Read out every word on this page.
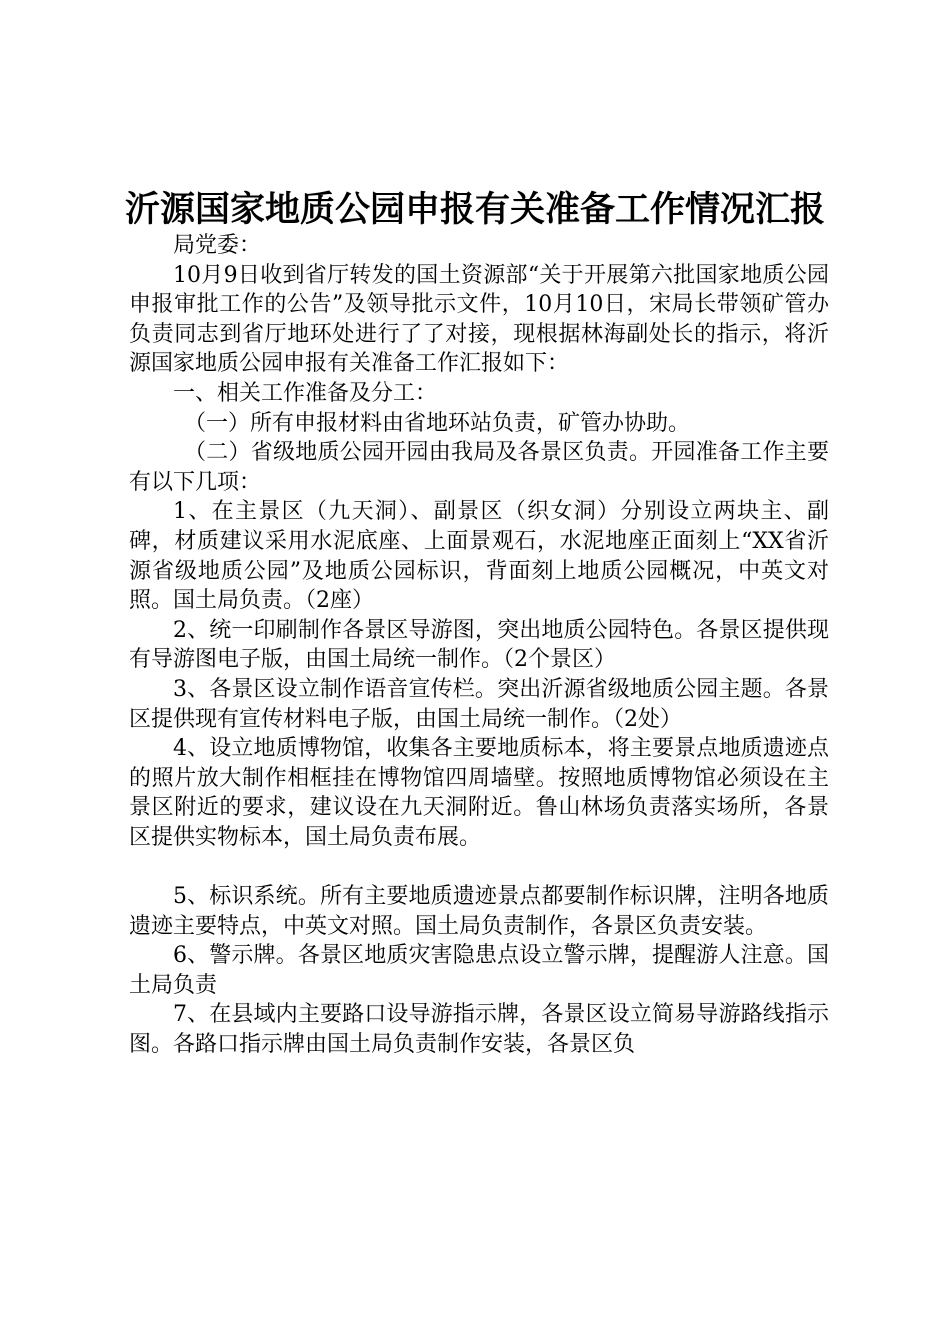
沂源国家地质公园申报有关准备工作情况汇报

局党委：

10月9日收到省厅转发的国土资源部“关于开展第六批国家地质公园申报审批工作的公告”及领导批示文件，10月10日，宋局长带领矿管办负责同志到省厅地环处进行了了对接，现根据林海副处长的指示，将沂源国家地质公园申报有关准备工作汇报如下：

一、相关工作准备及分工：

（一）所有申报材料由省地环站负责，矿管办协助。

（二）省级地质公园开园由我局及各景区负责。开园准备工作主要有以下几项：

1、在主景区（九天洞）、副景区（织女洞）分别设立两块主、副碑，材质建议采用水泥底座、上面景观石，水泥地座正面刻上“XX省沂源省级地质公园”及地质公园标识，背面刻上地质公园概况，中英文对照。国土局负责。（2座）

2、统一印刷制作各景区导游图，突出地质公园特色。各景区提供现有导游图电子版，由国土局统一制作。（2个景区）

3、各景区设立制作语音宣传栏。突出沂源省级地质公园主题。各景区提供现有宣传材料电子版，由国土局统一制作。（2处）

4、设立地质博物馆，收集各主要地质标本，将主要景点地质遗迹点的照片放大制作相框挂在博物馆四周墙壁。按照地质博物馆必须设在主景区附近的要求，建议设在九天洞附近。鲁山林场负责落实场所，各景区提供实物标本，国土局负责布展。

5、标识系统。所有主要地质遗迹景点都要制作标识牌，注明各地质遗迹主要特点，中英文对照。国土局负责制作，各景区负责安装。

6、警示牌。各景区地质灾害隐患点设立警示牌，提醒游人注意。国土局负责

7、在县域内主要路口设导游指示牌，各景区设立简易导游路线指示图。各路口指示牌由国土局负责制作安装，各景区负
